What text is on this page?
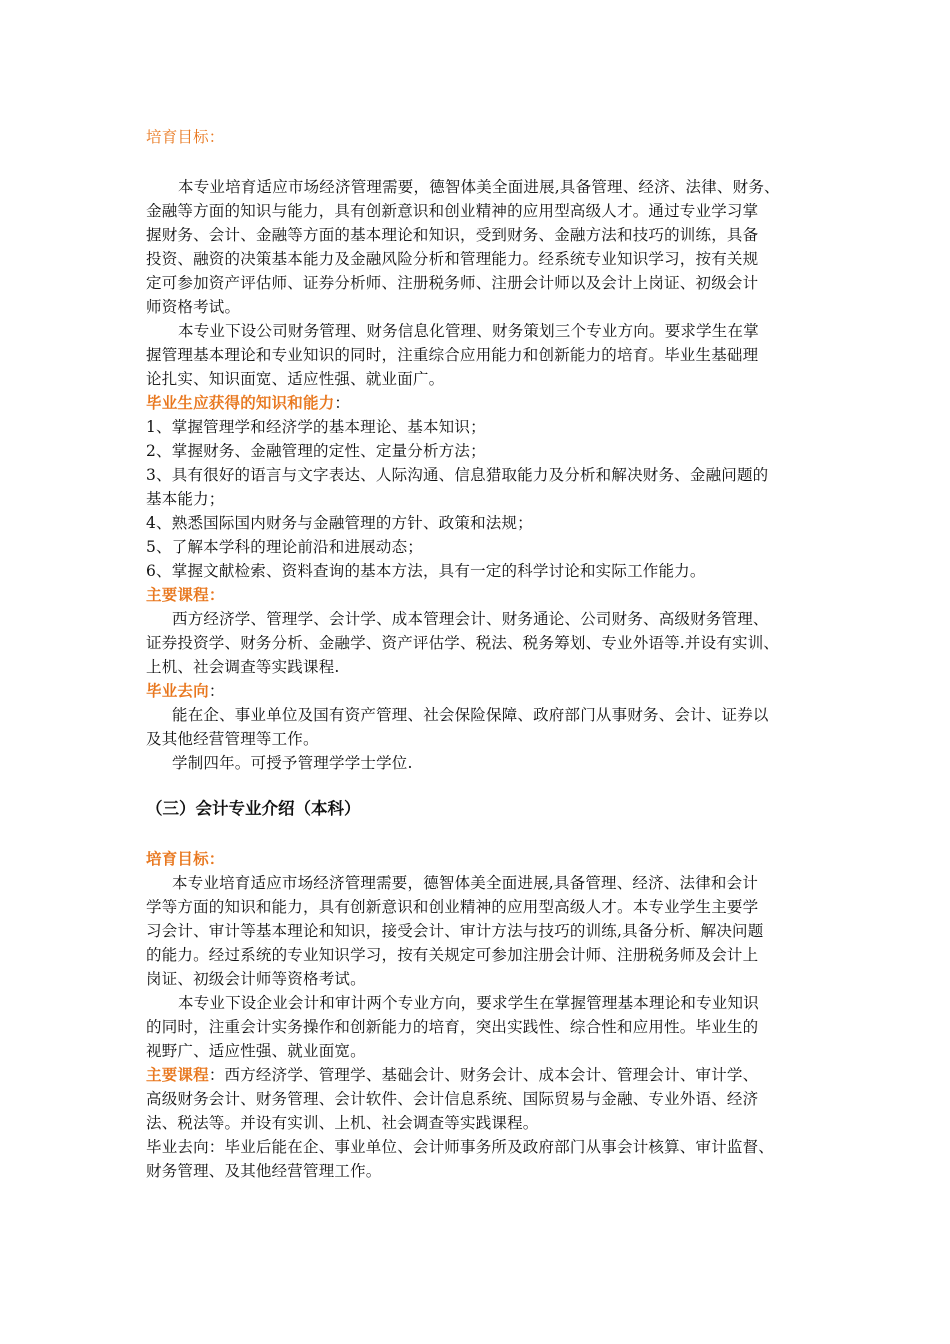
培育目标：
本专业培育适应市场经济管理需要，德智体美全面进展,具备管理、经济、法律、财务、
金融等方面的知识与能力，具有创新意识和创业精神的应用型高级人才。通过专业学习掌
握财务、会计、金融等方面的基本理论和知识，受到财务、金融方法和技巧的训练，具备
投资、融资的决策基本能力及金融风险分析和管理能力。经系统专业知识学习，按有关规
定可参加资产评估师、证券分析师、注册税务师、注册会计师以及会计上岗证、初级会计
师资格考试。
本专业下设公司财务管理、财务信息化管理、财务策划三个专业方向。要求学生在掌
握管理基本理论和专业知识的同时，注重综合应用能力和创新能力的培育。毕业生基础理
论扎实、知识面宽、适应性强、就业面广。
毕业生应获得的知识和能力：
1、掌握管理学和经济学的基本理论、基本知识；
2、掌握财务、金融管理的定性、定量分析方法；
3、具有很好的语言与文字表达、人际沟通、信息猎取能力及分析和解决财务、金融问题的
基本能力；
4、熟悉国际国内财务与金融管理的方针、政策和法规；
5、了解本学科的理论前沿和进展动态；
6、掌握文献检索、资料查询的基本方法，具有一定的科学讨论和实际工作能力。
主要课程：
西方经济学、管理学、会计学、成本管理会计、财务通论、公司财务、高级财务管理、
证券投资学、财务分析、金融学、资产评估学、税法、税务筹划、专业外语等.并设有实训、
上机、社会调查等实践课程.
毕业去向：
能在企、事业单位及国有资产管理、社会保险保障、政府部门从事财务、会计、证券以
及其他经营管理等工作。
学制四年。可授予管理学学士学位.
（三）会计专业介绍（本科）
培育目标：
本专业培育适应市场经济管理需要，德智体美全面进展,具备管理、经济、法律和会计
学等方面的知识和能力，具有创新意识和创业精神的应用型高级人才。本专业学生主要学
习会计、审计等基本理论和知识，接受会计、审计方法与技巧的训练,具备分析、解决问题
的能力。经过系统的专业知识学习，按有关规定可参加注册会计师、注册税务师及会计上
岗证、初级会计师等资格考试。
本专业下设企业会计和审计两个专业方向，要求学生在掌握管理基本理论和专业知识
的同时，注重会计实务操作和创新能力的培育，突出实践性、综合性和应用性。毕业生的
视野广、适应性强、就业面宽。
主要课程：西方经济学、管理学、基础会计、财务会计、成本会计、管理会计、审计学、
高级财务会计、财务管理、会计软件、会计信息系统、国际贸易与金融、专业外语、经济
法、税法等。并设有实训、上机、社会调查等实践课程。
毕业去向：毕业后能在企、事业单位、会计师事务所及政府部门从事会计核算、审计监督、
财务管理、及其他经营管理工作。
